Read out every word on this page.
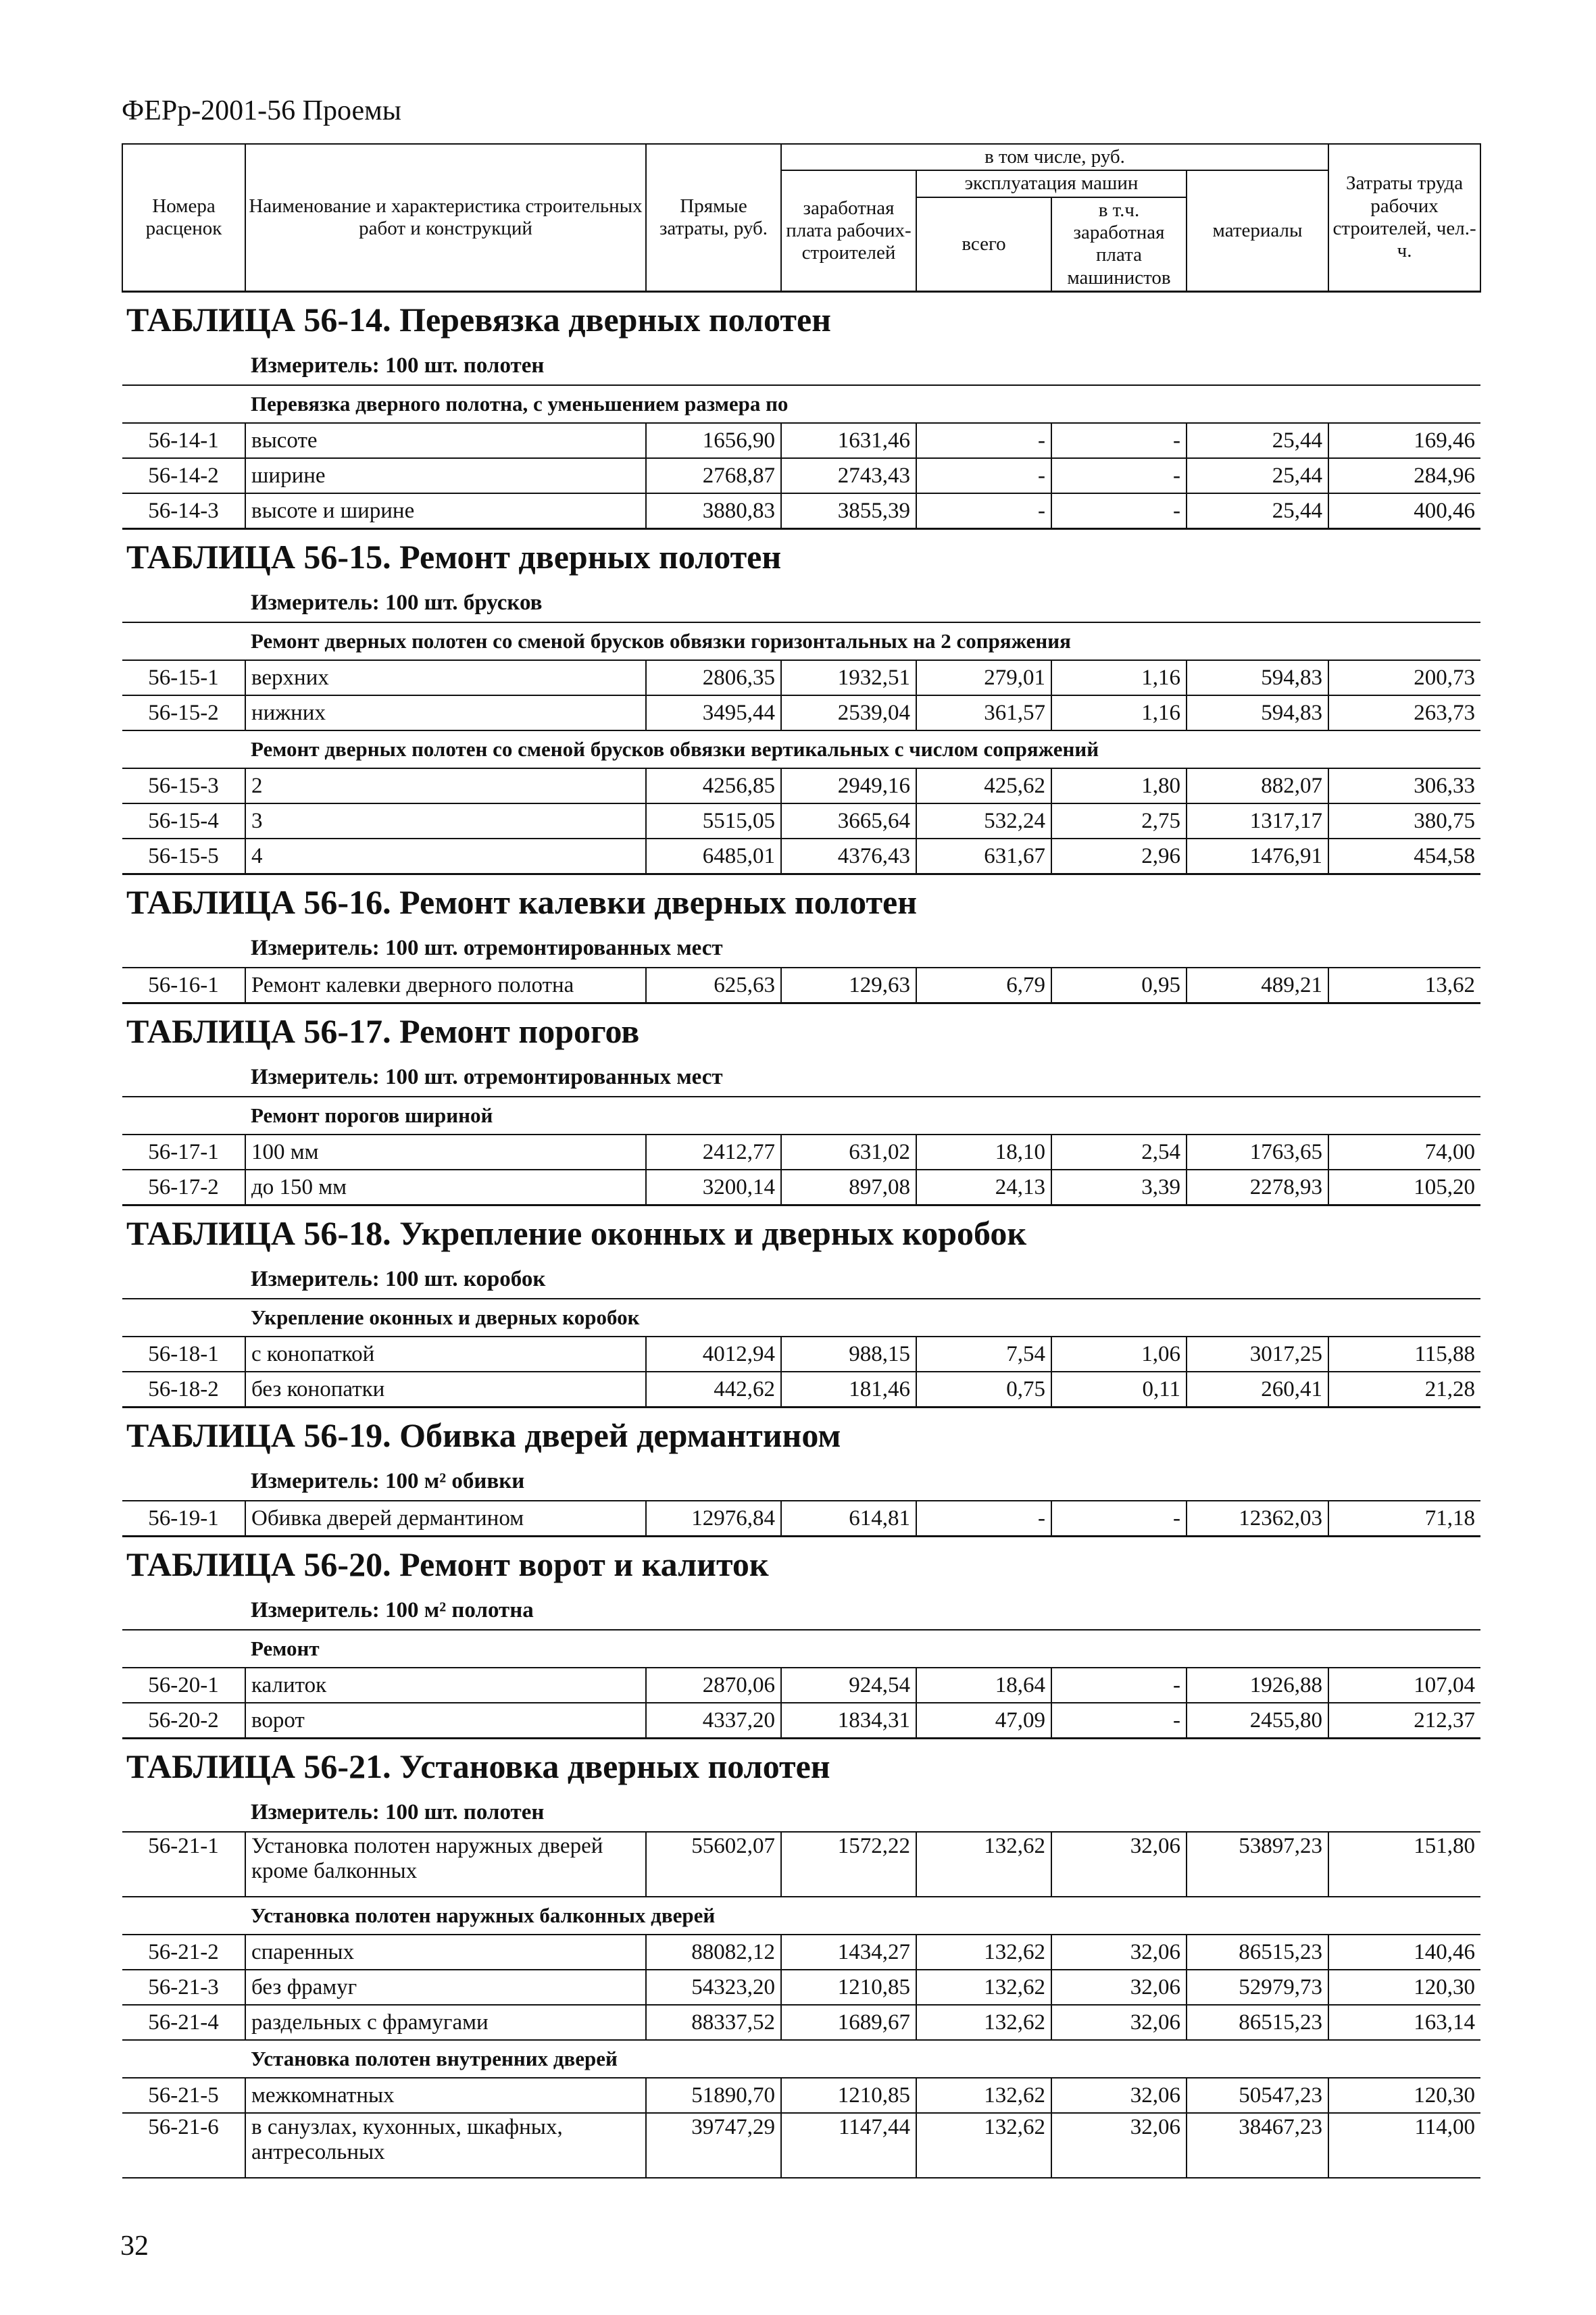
ФЕРр-2001-56 Проемы
Номера расценок	Наименование и характеристика строительных работ и конструкций	Прямые затраты, руб.	в том числе, руб.				Затраты труда рабочих строителей, чел.-ч.
			заработная плата рабочих-строителей	эксплуатация машин		материалы	
				всего	в т.ч. заработная плата машинистов		
ТАБЛИЦА 56-14. Перевязка дверных полотен							
Измеритель: 100 шт. полотен							
Перевязка дверного полотна, с уменьшением размера по							
56-14-1	высоте	1656,90	1631,46	-	-	25,44	169,46
56-14-2	ширине	2768,87	2743,43	-	-	25,44	284,96
56-14-3	высоте и ширине	3880,83	3855,39	-	-	25,44	400,46
ТАБЛИЦА 56-15. Ремонт дверных полотен							
Измеритель: 100 шт. брусков							
Ремонт дверных полотен со сменой брусков обвязки горизонтальных на 2 сопряжения							
56-15-1	верхних	2806,35	1932,51	279,01	1,16	594,83	200,73
56-15-2	нижних	3495,44	2539,04	361,57	1,16	594,83	263,73
Ремонт дверных полотен со сменой брусков обвязки вертикальных с числом сопряжений							
56-15-3	2	4256,85	2949,16	425,62	1,80	882,07	306,33
56-15-4	3	5515,05	3665,64	532,24	2,75	1317,17	380,75
56-15-5	4	6485,01	4376,43	631,67	2,96	1476,91	454,58
ТАБЛИЦА 56-16. Ремонт калевки дверных полотен							
Измеритель: 100 шт. отремонтированных мест							
56-16-1	Ремонт калевки дверного полотна	625,63	129,63	6,79	0,95	489,21	13,62
ТАБЛИЦА 56-17. Ремонт порогов							
Измеритель: 100 шт. отремонтированных мест							
Ремонт порогов шириной							
56-17-1	100 мм	2412,77	631,02	18,10	2,54	1763,65	74,00
56-17-2	до 150 мм	3200,14	897,08	24,13	3,39	2278,93	105,20
ТАБЛИЦА 56-18. Укрепление оконных и дверных коробок							
Измеритель: 100 шт. коробок							
Укрепление оконных и дверных коробок							
56-18-1	с конопаткой	4012,94	988,15	7,54	1,06	3017,25	115,88
56-18-2	без конопатки	442,62	181,46	0,75	0,11	260,41	21,28
ТАБЛИЦА 56-19. Обивка дверей дермантином							
Измеритель: 100 м² обивки							
56-19-1	Обивка дверей дермантином	12976,84	614,81	-	-	12362,03	71,18
ТАБЛИЦА 56-20. Ремонт ворот и калиток							
Измеритель: 100 м² полотна							
Ремонт							
56-20-1	калиток	2870,06	924,54	18,64	-	1926,88	107,04
56-20-2	ворот	4337,20	1834,31	47,09	-	2455,80	212,37
ТАБЛИЦА 56-21. Установка дверных полотен							
Измеритель: 100 шт. полотен							
56-21-1	Установка полотен наружных дверей кроме балконных	55602,07	1572,22	132,62	32,06	53897,23	151,80
Установка полотен наружных балконных дверей							
56-21-2	спаренных	88082,12	1434,27	132,62	32,06	86515,23	140,46
56-21-3	без фрамуг	54323,20	1210,85	132,62	32,06	52979,73	120,30
56-21-4	раздельных с фрамугами	88337,52	1689,67	132,62	32,06	86515,23	163,14
Установка полотен внутренних дверей							
56-21-5	межкомнатных	51890,70	1210,85	132,62	32,06	50547,23	120,30
56-21-6	в санузлах, кухонных, шкафных, антресольных	39747,29	1147,44	132,62	32,06	38467,23	114,00
32
